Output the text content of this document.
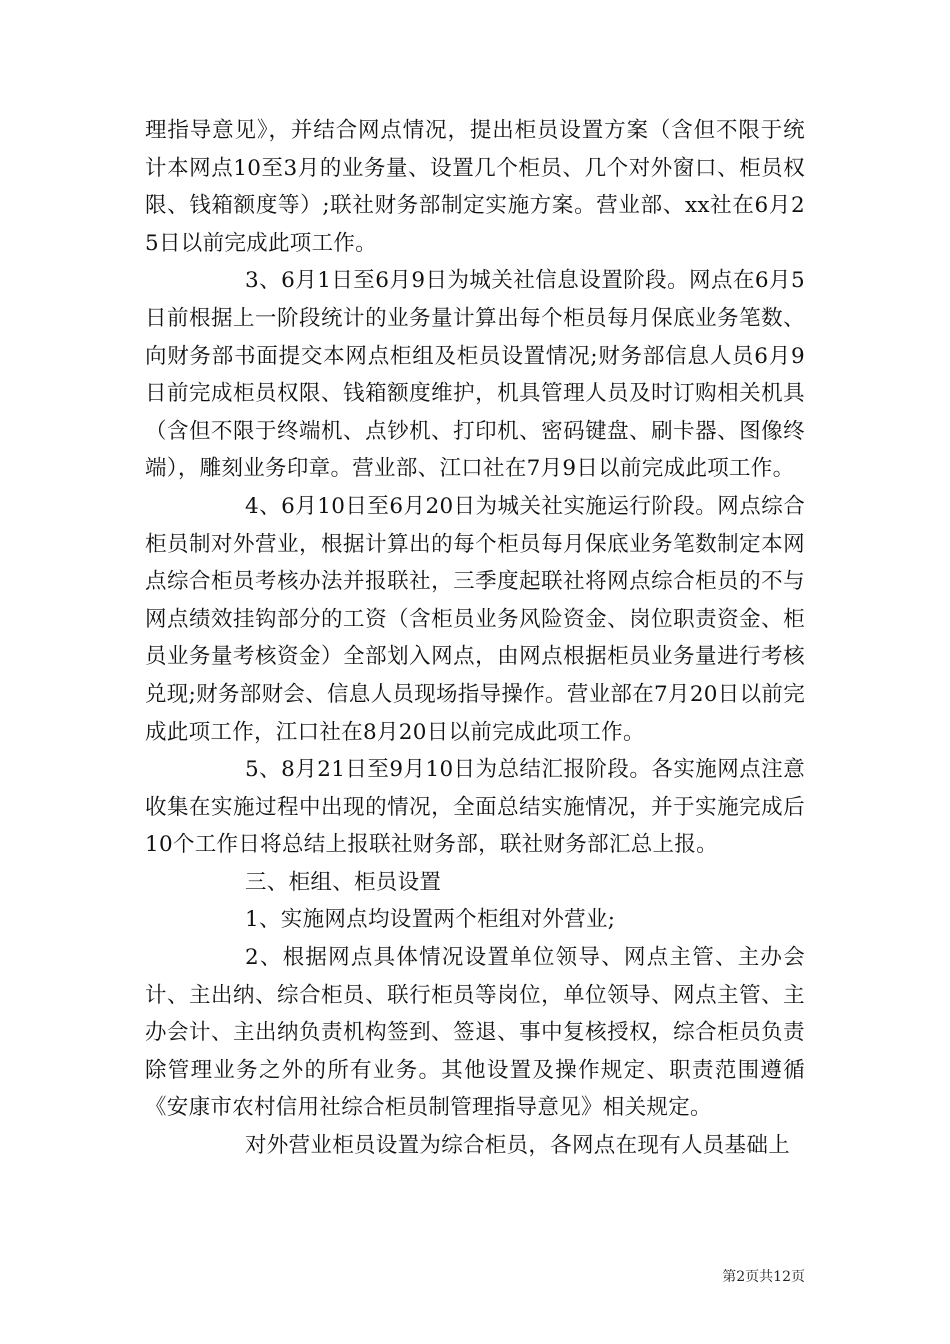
理指导意见》，并结合网点情况，提出柜员设置方案（含但不限于统计本网点10至3月的业务量、设置几个柜员、几个对外窗口、柜员权限、钱箱额度等）;联社财务部制定实施方案。营业部、xx社在6月25日以前完成此项工作。

3、6月1日至6月9日为城关社信息设置阶段。网点在6月5日前根据上一阶段统计的业务量计算出每个柜员每月保底业务笔数、向财务部书面提交本网点柜组及柜员设置情况;财务部信息人员6月9日前完成柜员权限、钱箱额度维护，机具管理人员及时订购相关机具（含但不限于终端机、点钞机、打印机、密码键盘、刷卡器、图像终端），雕刻业务印章。营业部、江口社在7月9日以前完成此项工作。

4、6月10日至6月20日为城关社实施运行阶段。网点综合柜员制对外营业，根据计算出的每个柜员每月保底业务笔数制定本网点综合柜员考核办法并报联社，三季度起联社将网点综合柜员的不与网点绩效挂钩部分的工资（含柜员业务风险资金、岗位职责资金、柜员业务量考核资金）全部划入网点，由网点根据柜员业务量进行考核兑现;财务部财会、信息人员现场指导操作。营业部在7月20日以前完成此项工作，江口社在8月20日以前完成此项工作。

5、8月21日至9月10日为总结汇报阶段。各实施网点注意收集在实施过程中出现的情况，全面总结实施情况，并于实施完成后10个工作日将总结上报联社财务部，联社财务部汇总上报。

三、柜组、柜员设置

1、实施网点均设置两个柜组对外营业;

2、根据网点具体情况设置单位领导、网点主管、主办会计、主出纳、综合柜员、联行柜员等岗位，单位领导、网点主管、主办会计、主出纳负责机构签到、签退、事中复核授权，综合柜员负责除管理业务之外的所有业务。其他设置及操作规定、职责范围遵循《安康市农村信用社综合柜员制管理指导意见》相关规定。

对外营业柜员设置为综合柜员，各网点在现有人员基础上

第2页共12页
